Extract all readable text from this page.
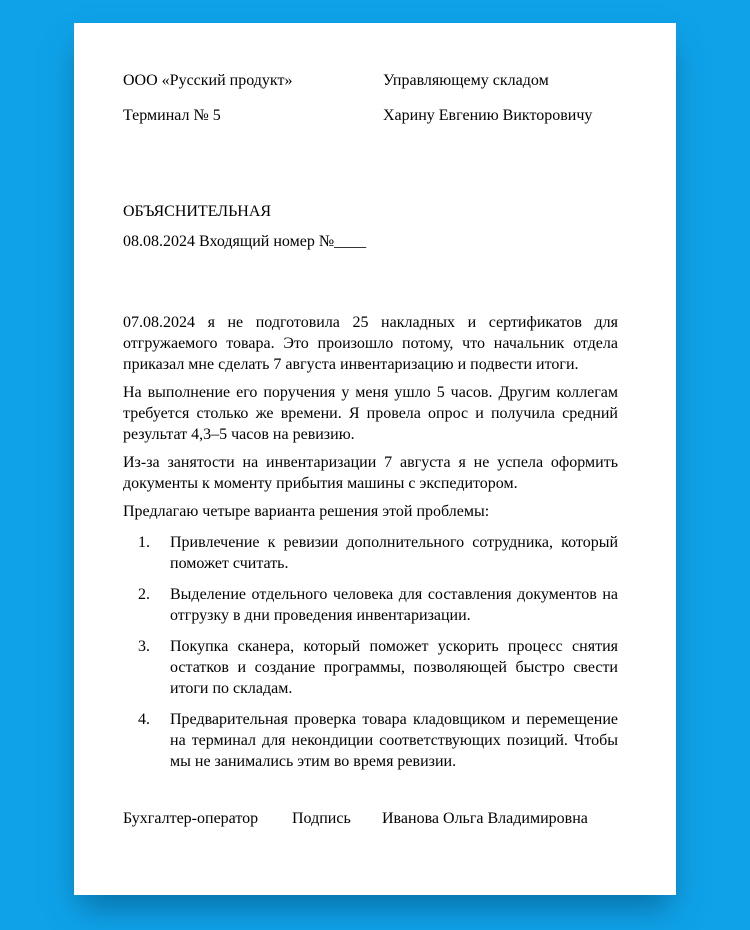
ООО «Русский продукт»

Терминал № 5

Управляющему складом

Харину Евгению Викторовичу

ОБЪЯСНИТЕЛЬНАЯ

08.08.2024 Входящий номер №____

07.08.2024 я не подготовила 25 накладных и сертификатов для отгружаемого товара. Это произошло потому, что начальник отдела приказал мне сделать 7 августа инвентаризацию и подвести итоги.

На выполнение его поручения у меня ушло 5 часов. Другим коллегам требуется столько же времени. Я провела опрос и получила средний результат 4,3–5 часов на ревизию.

Из-за занятости на инвентаризации 7 августа я не успела оформить документы к моменту прибытия машины с экспедитором.

Предлагаю четыре варианта решения этой проблемы:

1.	Привлечение к ревизии дополнительного сотрудника, который поможет считать.
2.	Выделение отдельного человека для составления документов на отгрузку в дни проведения инвентаризации.
3.	Покупка сканера, который поможет ускорить процесс снятия остатков и создание программы, позволяющей быстро свести итоги по складам.
4.	Предварительная проверка товара кладовщиком и перемещение на терминал для некондиции соответствующих позиций. Чтобы мы не занимались этим во время ревизии.
Бухгалтер-оператор	Подпись	Иванова Ольга Владимировна
